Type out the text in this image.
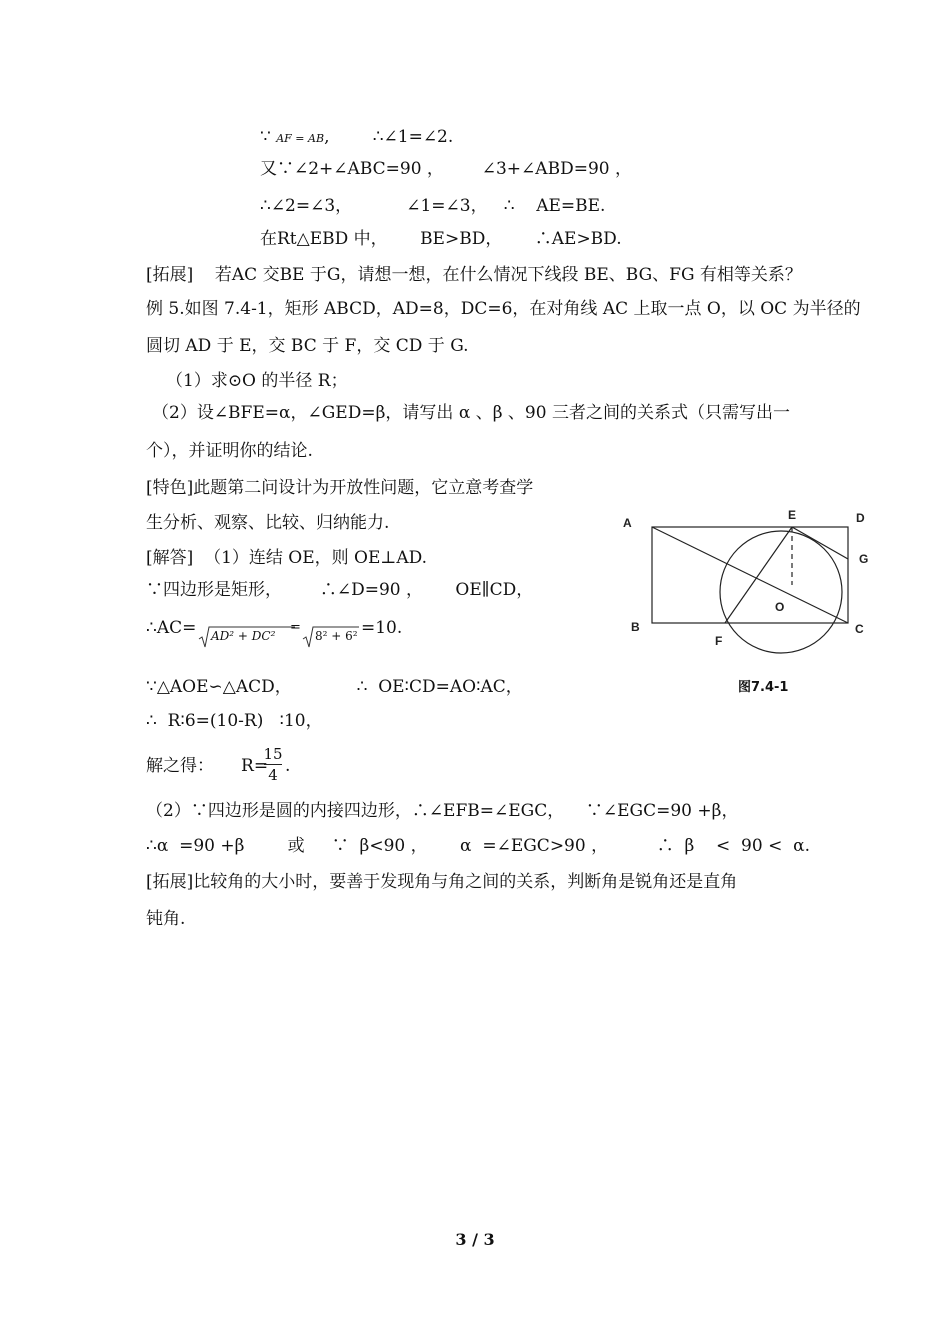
∵ AF = AB,        ∴∠1=∠2.
又∵∠2+∠ABC=90 ，       ∠3+∠ABD=90 ，
∴∠2=∠3，          ∠1=∠3，   ∴    AE=BE.
在Rt△EBD 中，      BE>BD，      ∴AE>BD.
[拓展]    若AC 交BE 于G，请想一想，在什么情况下线段 BE、BG、FG 有相等关系？
例 5.如图 7.4-1，矩形 ABCD，AD=8，DC=6，在对角线 AC 上取一点 O，以 OC 为半径的
圆切 AD 于 E，交 BC 于 F，交 CD 于 G.
（1）求⊙O 的半径 R；
（2）设∠BFE=α，∠GED=β，请写出 α 、β 、90 三者之间的关系式（只需写出一
个），并证明你的结论.
[特色]此题第二问设计为开放性问题，它立意考查学
生分析、观察、比较、归纳能力.
[解答]  （1）连结 OE，则 OE⊥AD.
∵四边形是矩形，       ∴∠D=90 ，      OE∥CD，
∴AC=	=10.
∵△AOE∽△ACD，            ∴  OE∶CD=AO∶AC，
∴  R∶6=(10-R)   ∶10，
解之得：     R= .
（2）∵四边形是圆的内接四边形，∴∠EFB=∠EGC，    ∵∠EGC=90 +β，
∴α  =90 +β        或     ∵  β<90 ，      α  =∠EGC>90 ，         ∴  β    <  90 <  α.
[拓展]比较角的大小时，要善于发现角与角之间的关系，判断角是锐角还是直角
钝角.

AD² + DC²

=

8² + 6²

15
4
A
E	D
G
O
B	C
F
图7.4-1
3 / 3
